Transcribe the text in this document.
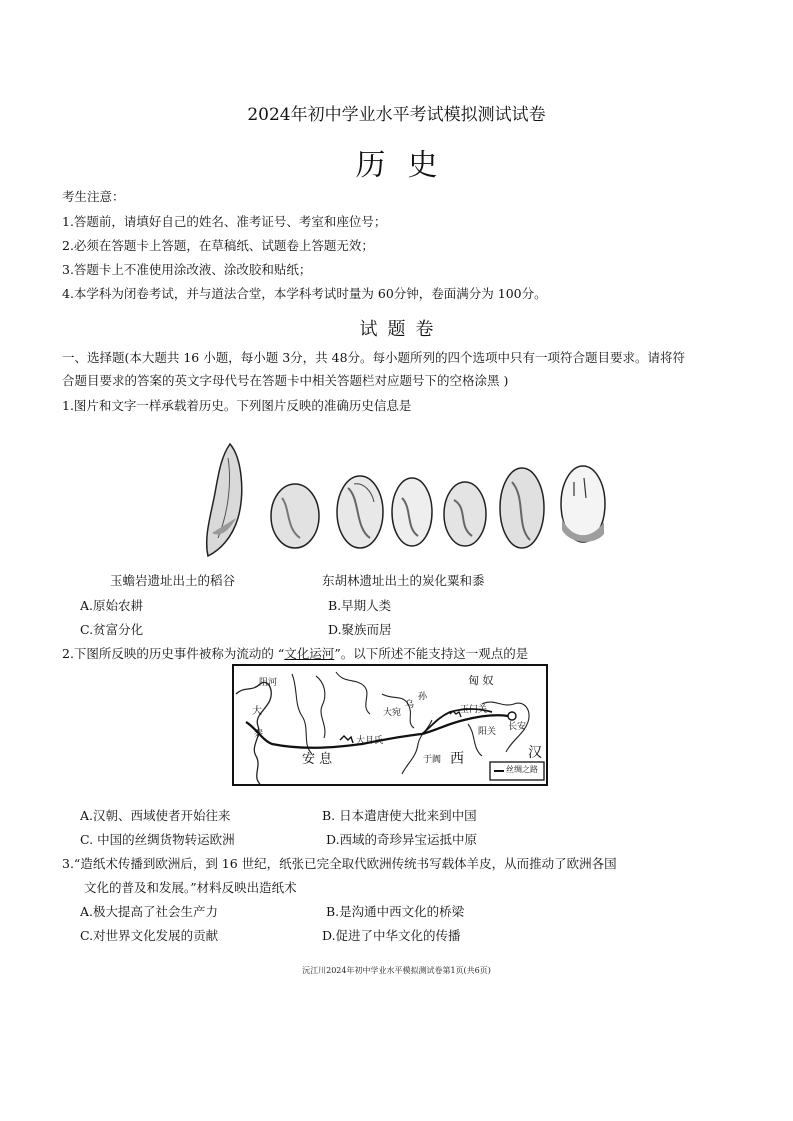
2024年初中学业水平考试模拟测试试卷
历史
考生注意：
1.答题前，请填好自己的姓名、准考证号、考室和座位号；
2.必须在答题卡上答题，在草稿纸、试题卷上答题无效；
3.答题卡上不准使用涂改液、涂改胶和贴纸；
4.本学科为闭卷考试，并与道法合堂，本学科考试时量为 60分钟，卷面满分为 100分。
试题卷
一、选择题(本大题共 16 小题，每小题 3分，共 48分。每小题所列的四个选项中只有一项符合题目要求。请将符
合题目要求的答案的英文字母代号在答题卡中相关答题栏对应题号下的空格涂黑 )
1.图片和文字一样承载着历史。下列图片反映的准确历史信息是
玉蟾岩遗址出土的稻谷	东胡林遗址出土的炭化粟和黍
A.原始农耕	B.早期人类
C.贫富分化	D.聚族而居
2.下图所反映的历史事件被称为流动的 “文化运河”。以下所述不能支持这一观点的是
阻河	匈 奴
大	大宛
乌
孙
玉门关
长安
阳关
大月氏
秦
汉
安 息	于阗 西
丝绸之路
A.汉朝、西域使者开始往来	B. 日本遣唐使大批来到中国
C. 中国的丝绸货物转运欧洲	D.西域的奇珍异宝运抵中原
3.“造纸术传播到欧洲后，到 16 世纪，纸张已完全取代欧洲传统书写载体羊皮，从而推动了欧洲各国
文化的普及和发展。”材料反映出造纸术
A.极大提高了社会生产力	B.是沟通中西文化的桥梁
C.对世界文化发展的贡献	D.促进了中华文化的传播
沅江川2024年初中学业水平模拟测试卷第1页(共6页)
